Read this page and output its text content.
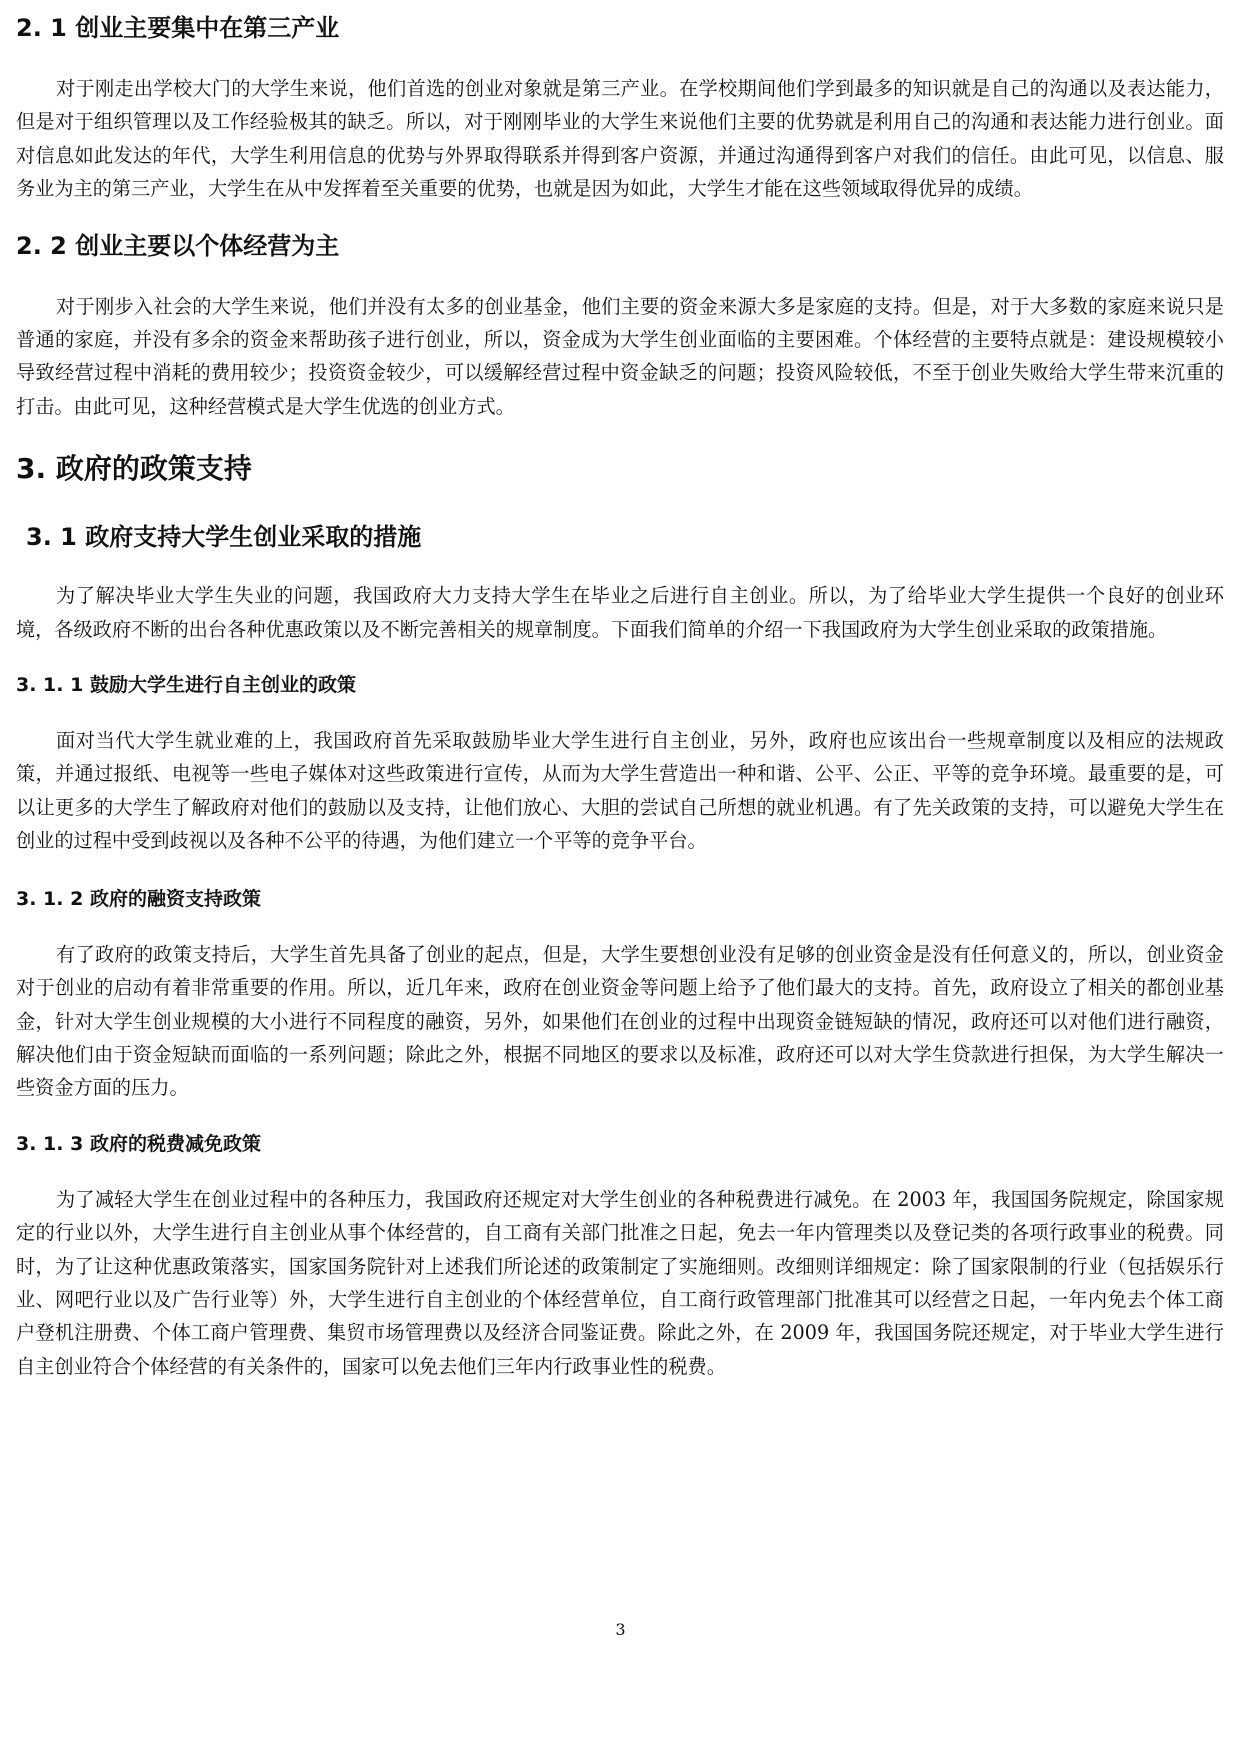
2. 1 创业主要集中在第三产业

对于刚走出学校大门的大学生来说，他们首选的创业对象就是第三产业。在学校期间他们学到最多的知识就是自己的沟通以及表达能力，但是对于组织管理以及工作经验极其的缺乏。所以，对于刚刚毕业的大学生来说他们主要的优势就是利用自己的沟通和表达能力进行创业。面对信息如此发达的年代，大学生利用信息的优势与外界取得联系并得到客户资源，并通过沟通得到客户对我们的信任。由此可见，以信息、服务业为主的第三产业，大学生在从中发挥着至关重要的优势，也就是因为如此，大学生才能在这些领域取得优异的成绩。

2. 2 创业主要以个体经营为主

对于刚步入社会的大学生来说，他们并没有太多的创业基金，他们主要的资金来源大多是家庭的支持。但是，对于大多数的家庭来说只是普通的家庭，并没有多余的资金来帮助孩子进行创业，所以，资金成为大学生创业面临的主要困难。个体经营的主要特点就是：建设规模较小导致经营过程中消耗的费用较少；投资资金较少，可以缓解经营过程中资金缺乏的问题；投资风险较低，不至于创业失败给大学生带来沉重的打击。由此可见，这种经营模式是大学生优选的创业方式。

3. 政府的政策支持
3. 1 政府支持大学生创业采取的措施

为了解决毕业大学生失业的问题，我国政府大力支持大学生在毕业之后进行自主创业。所以，为了给毕业大学生提供一个良好的创业环境，各级政府不断的出台各种优惠政策以及不断完善相关的规章制度。下面我们简单的介绍一下我国政府为大学生创业采取的政策措施。

3. 1. 1 鼓励大学生进行自主创业的政策

面对当代大学生就业难的上，我国政府首先采取鼓励毕业大学生进行自主创业，另外，政府也应该出台一些规章制度以及相应的法规政策，并通过报纸、电视等一些电子媒体对这些政策进行宣传，从而为大学生营造出一种和谐、公平、公正、平等的竞争环境。最重要的是，可以让更多的大学生了解政府对他们的鼓励以及支持，让他们放心、大胆的尝试自己所想的就业机遇。有了先关政策的支持，可以避免大学生在创业的过程中受到歧视以及各种不公平的待遇，为他们建立一个平等的竞争平台。

3. 1. 2 政府的融资支持政策

有了政府的政策支持后，大学生首先具备了创业的起点，但是，大学生要想创业没有足够的创业资金是没有任何意义的，所以，创业资金对于创业的启动有着非常重要的作用。所以，近几年来，政府在创业资金等问题上给予了他们最大的支持。首先，政府设立了相关的都创业基金，针对大学生创业规模的大小进行不同程度的融资，另外，如果他们在创业的过程中出现资金链短缺的情况，政府还可以对他们进行融资，解决他们由于资金短缺而面临的一系列问题；除此之外，根据不同地区的要求以及标准，政府还可以对大学生贷款进行担保，为大学生解决一些资金方面的压力。

3. 1. 3 政府的税费减免政策

为了减轻大学生在创业过程中的各种压力，我国政府还规定对大学生创业的各种税费进行减免。在 2003 年，我国国务院规定，除国家规定的行业以外，大学生进行自主创业从事个体经营的，自工商有关部门批准之日起，免去一年内管理类以及登记类的各项行政事业的税费。同时，为了让这种优惠政策落实，国家国务院针对上述我们所论述的政策制定了实施细则。改细则详细规定：除了国家限制的行业（包括娱乐行业、网吧行业以及广告行业等）外，大学生进行自主创业的个体经营单位，自工商行政管理部门批准其可以经营之日起，一年内免去个体工商户登机注册费、个体工商户管理费、集贸市场管理费以及经济合同鉴证费。除此之外，在 2009 年，我国国务院还规定，对于毕业大学生进行自主创业符合个体经营的有关条件的，国家可以免去他们三年内行政事业性的税费。

3
